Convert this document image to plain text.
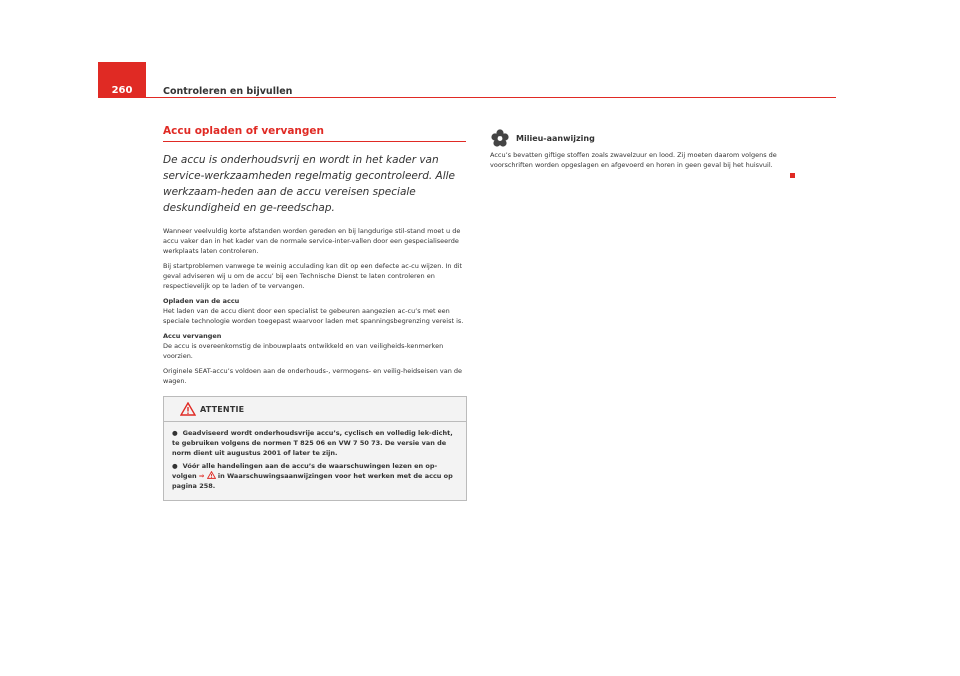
260	Controleren en bijvullen
Accu opladen of vervangen

De accu is onderhoudsvrij en wordt in het kader van service-werkzaamheden regelmatig gecontroleerd. Alle werkzaam-heden aan de accu vereisen speciale deskundigheid en ge-reedschap.

Wanneer veelvuldig korte afstanden worden gereden en bij langdurige stil-stand moet u de accu vaker dan in het kader van de normale service-inter-vallen door een gespecialiseerde werkplaats laten controleren.

Bij startproblemen vanwege te weinig acculading kan dit op een defecte ac-cu wijzen. In dit geval adviseren wij u om de accu’ bij een Technische Dienst te laten controleren en respectievelijk op te laden of te vervangen.

Opladen van de accu

Het laden van de accu dient door een specialist te gebeuren aangezien ac-cu’s met een speciale technologie worden toegepast waarvoor laden met spanningsbegrenzing vereist is.

Accu vervangen

De accu is overeenkomstig de inbouwplaats ontwikkeld en van veiligheids-kenmerken voorzien.

Originele SEAT-accu’s voldoen aan de onderhouds-, vermogens- en veilig-heidseisen van de wagen.

ATTENTIE

● Geadviseerd wordt onderhoudsvrije accu’s, cyclisch en volledig lek-dicht, te gebruiken volgens de normen T 825 06 en VW 7 50 73. De versie van de norm dient uit augustus 2001 of later te zijn.

● Vóór alle handelingen aan de accu’s de waarschuwingen lezen en op-volgen ⇒  in Waarschuwingsaanwijzingen voor het werken met de accu op pagina 258.

Milieu-aanwijzing

Accu’s bevatten giftige stoffen zoals zwavelzuur en lood. Zij moeten daarom volgens de voorschriften worden opgeslagen en afgevoerd en horen in geen geval bij het huisvuil.
